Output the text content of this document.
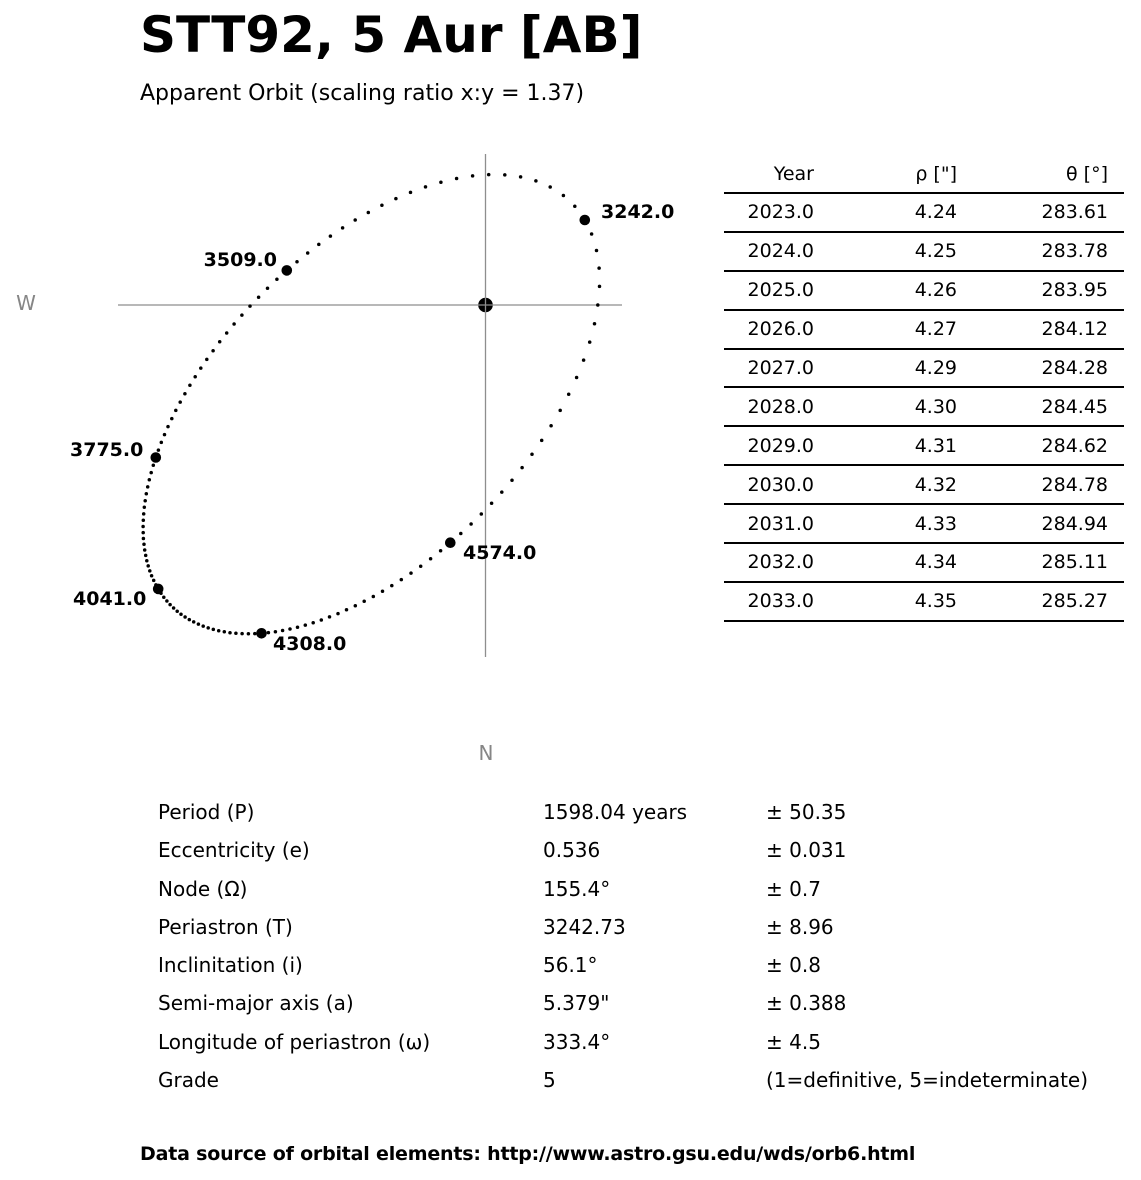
STT92, 5 Aur [AB]
Apparent Orbit (scaling ratio x:y = 1.37)
3242.0
3509.0
3775.0
4041.0
4308.0
4574.0
W
N
Year	ρ ["]	θ [°]
2023.0	4.24	283.61
2024.0	4.25	283.78
2025.0	4.26	283.95
2026.0	4.27	284.12
2027.0	4.29	284.28
2028.0	4.30	284.45
2029.0	4.31	284.62
2030.0	4.32	284.78
2031.0	4.33	284.94
2032.0	4.34	285.11
2033.0	4.35	285.27
Period (P)	1598.04 years	± 50.35
Eccentricity (e)	0.536	± 0.031
Node (Ω)	155.4°	± 0.7
Periastron (T)	3242.73	± 8.96
Inclinitation (i)	56.1°	± 0.8
Semi-major axis (a)	5.379"	± 0.388
Longitude of periastron (ω)	333.4°	± 4.5
Grade	5	(1=definitive, 5=indeterminate)
Data source of orbital elements: http://www.astro.gsu.edu/wds/orb6.html
